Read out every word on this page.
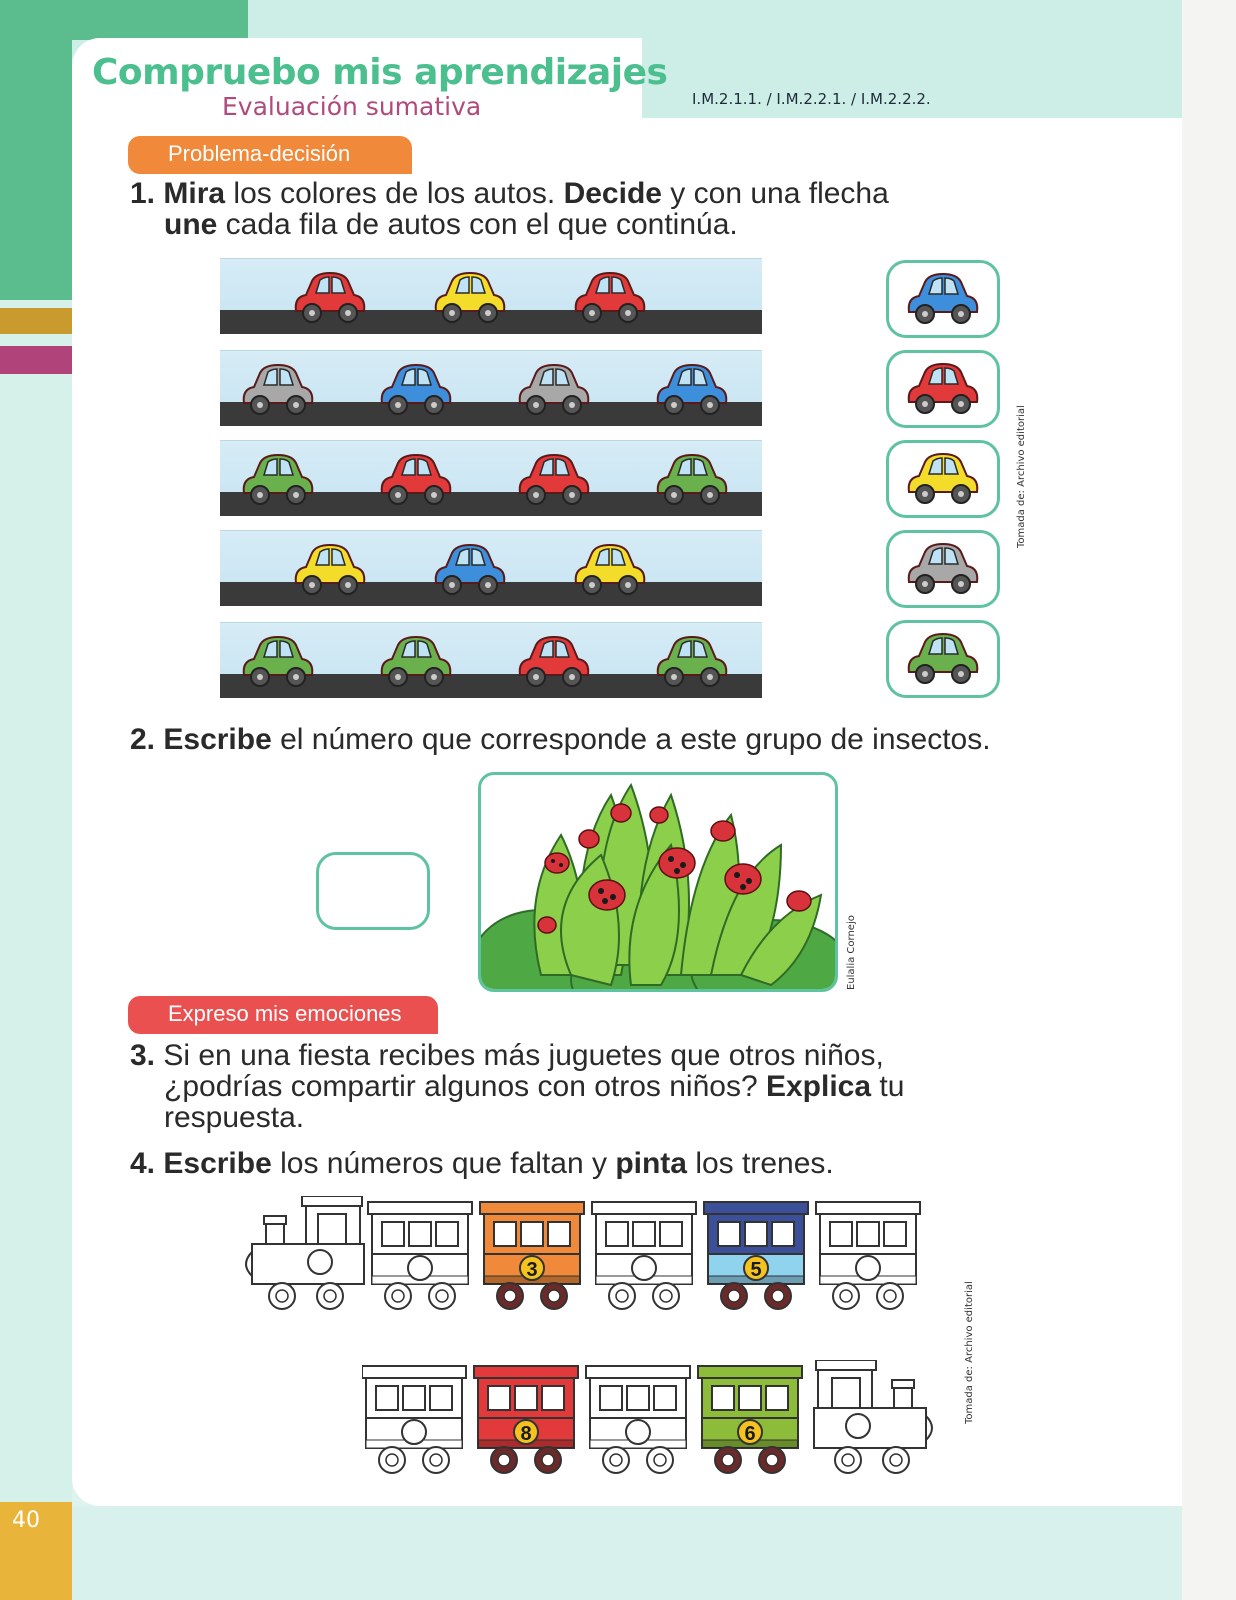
40
Compruebo mis aprendizajes
Evaluación sumativa	I.M.2.1.1. / I.M.2.2.1. / I.M.2.2.2.
Problema-decisión
1. Mira los colores de los autos. Decide y con una flecha
une cada fila de autos con el que continúa.
Tomada de: Archivo editorial
2. Escribe el número que corresponde a este grupo de insectos.
Eulalia Cornejo
Expreso mis emociones
3. Si en una fiesta recibes más juguetes que otros niños,
¿podrías compartir algunos con otros niños? Explica tu
respuesta.
4. Escribe los números que faltan y pinta los trenes.
3	5
8	6
Tomada de: Archivo editorial
